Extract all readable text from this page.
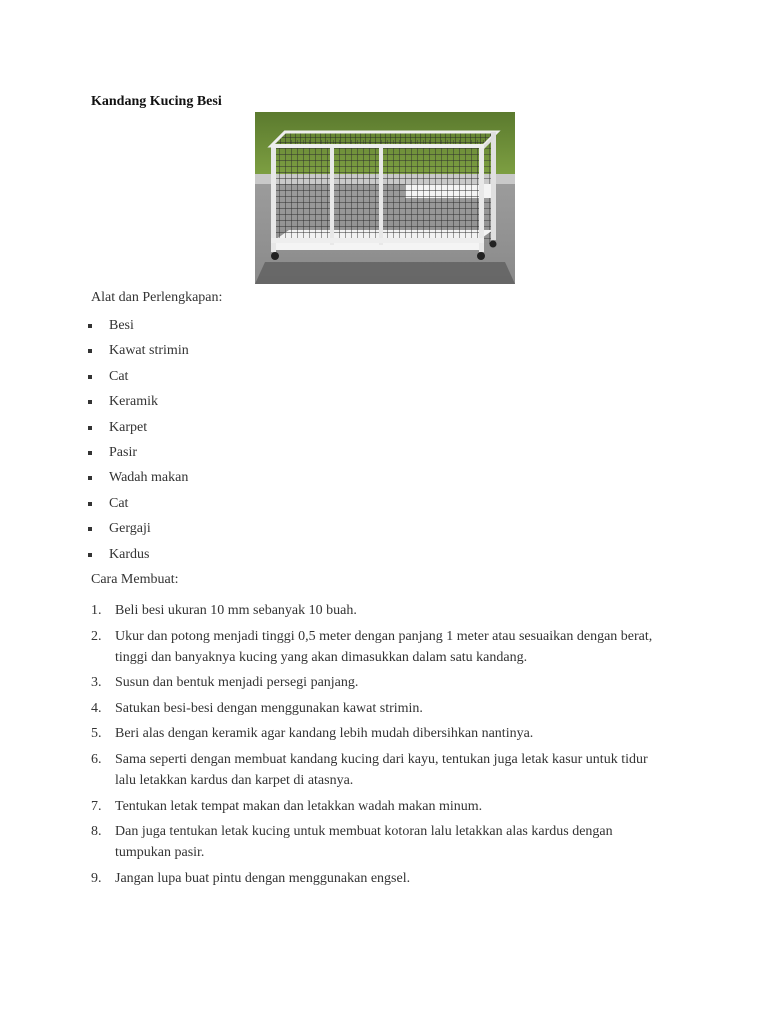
Kandang Kucing Besi

Alat dan Perlengkapan:

Besi
Kawat strimin
Cat
Keramik
Karpet
Pasir
Wadah makan
Cat
Gergaji
Kardus

Cara Membuat:

1. Beli besi ukuran 10 mm sebanyak 10 buah.
2. Ukur dan potong menjadi tinggi 0,5 meter dengan panjang 1 meter atau sesuaikan dengan berat, tinggi dan banyaknya kucing yang akan dimasukkan dalam satu kandang.
3. Susun dan bentuk menjadi persegi panjang.
4. Satukan besi-besi dengan menggunakan kawat strimin.
5. Beri alas dengan keramik agar kandang lebih mudah dibersihkan nantinya.
6. Sama seperti dengan membuat kandang kucing dari kayu, tentukan juga letak kasur untuk tidur lalu letakkan kardus dan karpet di atasnya.
7. Tentukan letak tempat makan dan letakkan wadah makan minum.
8. Dan juga tentukan letak kucing untuk membuat kotoran lalu letakkan alas kardus dengan tumpukan pasir.
9. Jangan lupa buat pintu dengan menggunakan engsel.
